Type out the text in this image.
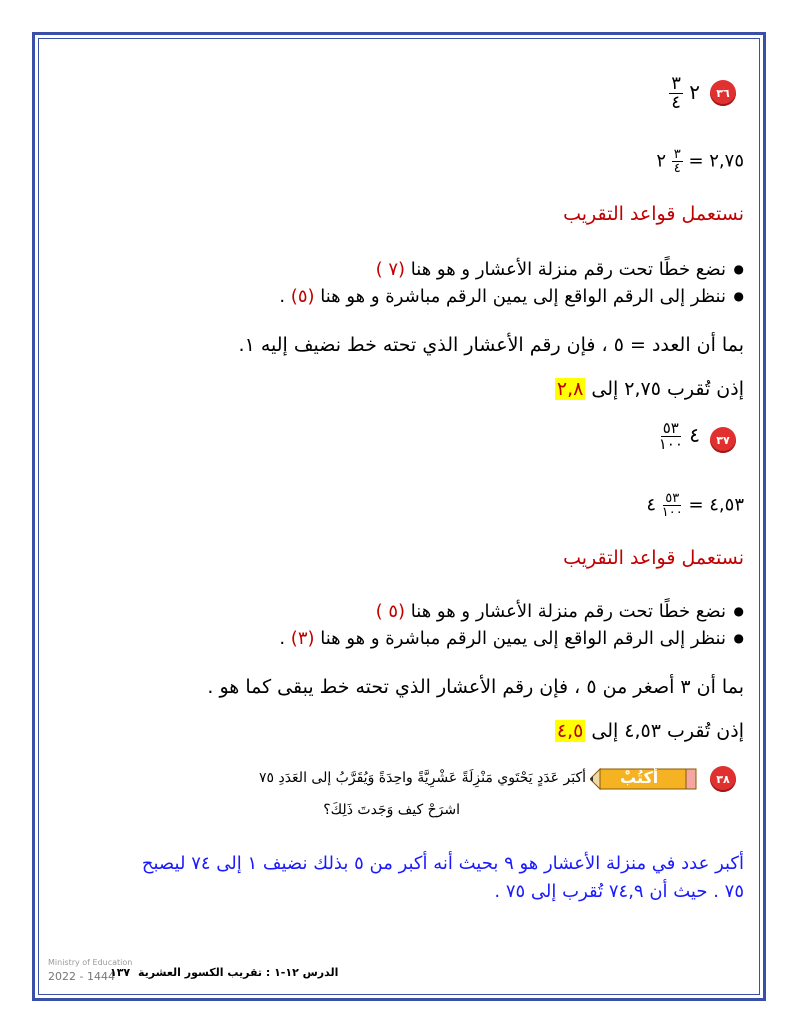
٣٦
$\frac{٣}{٤}$ ٢
٢,٧٥ =
$\frac{٣}{٤}$
٢
نستعمل قواعد التقريب
● نضع خطًا تحت رقم منزلة الأعشار و هو هنا (٧ )
● ننظر إلى الرقم الواقع إلى يمين الرقم مباشرة و هو هنا (٥) .
بما أن العدد = ٥ ، فإن رقم الأعشار الذي تحته خط نضيف إليه ١.
إذن تُقرب ٢,٧٥ إلى ٢,٨
٣٧
$\frac{٥٣}{١٠٠}$ ٤
٤,٥٣ =
$\frac{٥٣}{١٠٠}$
٤
نستعمل قواعد التقريب
● نضع خطًا تحت رقم منزلة الأعشار و هو هنا (٥ )
● ننظر إلى الرقم الواقع إلى يمين الرقم مباشرة و هو هنا (٣) .
بما أن ٣ أصغر من ٥ ، فإن رقم الأعشار الذي تحته خط يبقى كما هو .
إذن تُقرب ٤,٥٣ إلى ٤,٥
٣٨
أكتُبْ
أكبَر عَدَدٍ يَحْتَوي مَنْزِلَةً عَشْرِيَّةً واحِدَةً وَيُقَرَّبُ إلى العَدَدِ ٧٥
اشرَحْ كيف وَجَدتَ ذَلِكَ؟
أكبر عدد في منزلة الأعشار هو ٩ بحيث أنه أكبر من ٥ بذلك نضيف ١ إلى ٧٤ ليصبح
٧٥ . حيث أن ٧٤,٩ تُقرب إلى ٧٥ .
Ministry of Education
2022 - 1444	الدرس ١٢-١ : تقريب الكسور العشرية ١٣٧
